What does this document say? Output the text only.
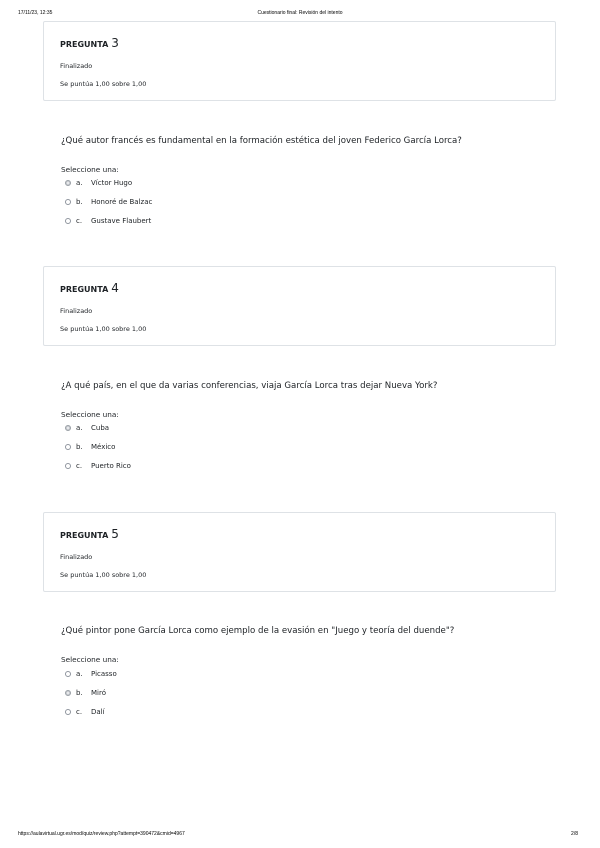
17/11/23, 12:35	Cuestionario final: Revisión del intento
PREGUNTA 3
Finalizado
Se puntúa 1,00 sobre 1,00
¿Qué autor francés es fundamental en la formación estética del joven Federico García Lorca?
Seleccione una:
a.	Víctor Hugo
b.	Honoré de Balzac
c.	Gustave Flaubert
PREGUNTA 4
Finalizado
Se puntúa 1,00 sobre 1,00
¿A qué país, en el que da varias conferencias, viaja García Lorca tras dejar Nueva York?
Seleccione una:
a.	Cuba
b.	México
c.	Puerto Rico
PREGUNTA 5
Finalizado
Se puntúa 1,00 sobre 1,00
¿Qué pintor pone García Lorca como ejemplo de la evasión en "Juego y teoría del duende"?
Seleccione una:
a.	Picasso
b.	Miró
c.	Dalí
https://aulavirtual.ugr.es/mod/quiz/review.php?attempt=390472&cmid=4967	2/8
